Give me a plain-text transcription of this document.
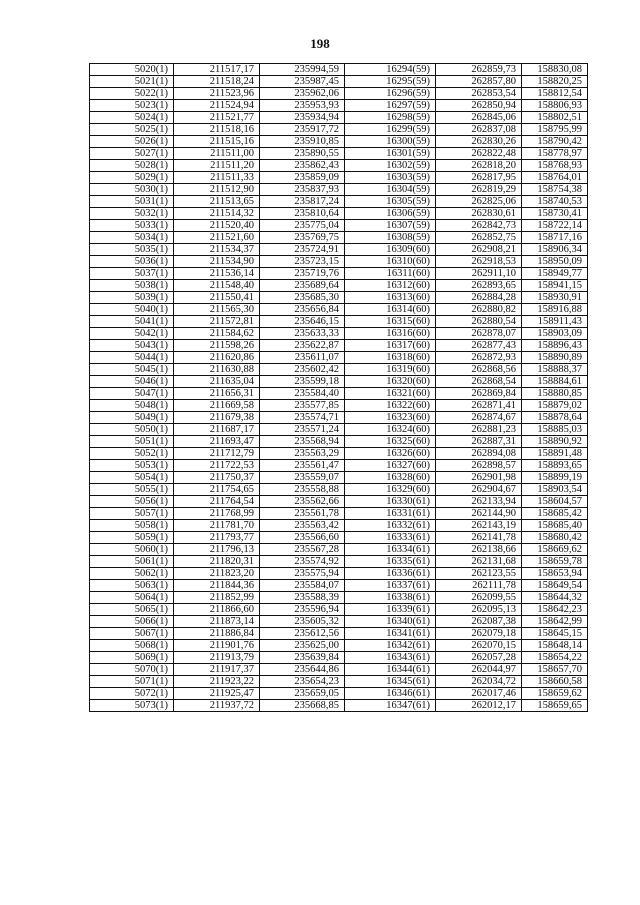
198
5020(1)	211517,17	235994,59	16294(59)	262859,73	158830,08
5021(1)	211518,24	235987,45	16295(59)	262857,80	158820,25
5022(1)	211523,96	235962,06	16296(59)	262853,54	158812,54
5023(1)	211524,94	235953,93	16297(59)	262850,94	158806,93
5024(1)	211521,77	235934,94	16298(59)	262845,06	158802,51
5025(1)	211518,16	235917,72	16299(59)	262837,08	158795,99
5026(1)	211515,16	235910,85	16300(59)	262830,26	158790,42
5027(1)	211511,00	235890,55	16301(59)	262822,48	158778,97
5028(1)	211511,20	235862,43	16302(59)	262818,20	158768,93
5029(1)	211511,33	235859,09	16303(59)	262817,95	158764,01
5030(1)	211512,90	235837,93	16304(59)	262819,29	158754,38
5031(1)	211513,65	235817,24	16305(59)	262825,06	158740,53
5032(1)	211514,32	235810,64	16306(59)	262830,61	158730,41
5033(1)	211520,40	235775,04	16307(59)	262842,73	158722,14
5034(1)	211521,60	235769,75	16308(59)	262852,75	158717,16
5035(1)	211534,37	235724,91	16309(60)	262908,21	158906,34
5036(1)	211534,90	235723,15	16310(60)	262918,53	158950,09
5037(1)	211536,14	235719,76	16311(60)	262911,10	158949,77
5038(1)	211548,40	235689,64	16312(60)	262893,65	158941,15
5039(1)	211550,41	235685,30	16313(60)	262884,28	158930,91
5040(1)	211565,30	235656,84	16314(60)	262880,82	158916,88
5041(1)	211572,81	235646,15	16315(60)	262880,54	158911,43
5042(1)	211584,62	235633,33	16316(60)	262878,07	158903,09
5043(1)	211598,26	235622,87	16317(60)	262877,43	158896,43
5044(1)	211620,86	235611,07	16318(60)	262872,93	158890,89
5045(1)	211630,88	235602,42	16319(60)	262868,56	158888,37
5046(1)	211635,04	235599,18	16320(60)	262868,54	158884,61
5047(1)	211656,31	235584,40	16321(60)	262869,84	158880,85
5048(1)	211669,58	235577,85	16322(60)	262871,41	158879,02
5049(1)	211679,38	235574,71	16323(60)	262874,67	158878,64
5050(1)	211687,17	235571,24	16324(60)	262881,23	158885,03
5051(1)	211693,47	235568,94	16325(60)	262887,31	158890,92
5052(1)	211712,79	235563,29	16326(60)	262894,08	158891,48
5053(1)	211722,53	235561,47	16327(60)	262898,57	158893,65
5054(1)	211750,37	235559,07	16328(60)	262901,98	158899,19
5055(1)	211754,65	235558,88	16329(60)	262904,67	158903,54
5056(1)	211764,54	235562,66	16330(61)	262133,94	158604,57
5057(1)	211768,99	235561,78	16331(61)	262144,90	158685,42
5058(1)	211781,70	235563,42	16332(61)	262143,19	158685,40
5059(1)	211793,77	235566,60	16333(61)	262141,78	158680,42
5060(1)	211796,13	235567,28	16334(61)	262138,66	158669,62
5061(1)	211820,31	235574,92	16335(61)	262131,68	158659,78
5062(1)	211823,20	235575,94	16336(61)	262123,55	158653,94
5063(1)	211844,36	235584,07	16337(61)	262111,78	158649,54
5064(1)	211852,99	235588,39	16338(61)	262099,55	158644,32
5065(1)	211866,60	235596,94	16339(61)	262095,13	158642,23
5066(1)	211873,14	235605,32	16340(61)	262087,38	158642,99
5067(1)	211886,84	235612,56	16341(61)	262079,18	158645,15
5068(1)	211901,76	235625,00	16342(61)	262070,15	158648,14
5069(1)	211913,79	235639,84	16343(61)	262057,28	158654,22
5070(1)	211917,37	235644,86	16344(61)	262044,97	158657,70
5071(1)	211923,22	235654,23	16345(61)	262034,72	158660,58
5072(1)	211925,47	235659,05	16346(61)	262017,46	158659,62
5073(1)	211937,72	235668,85	16347(61)	262012,17	158659,65
